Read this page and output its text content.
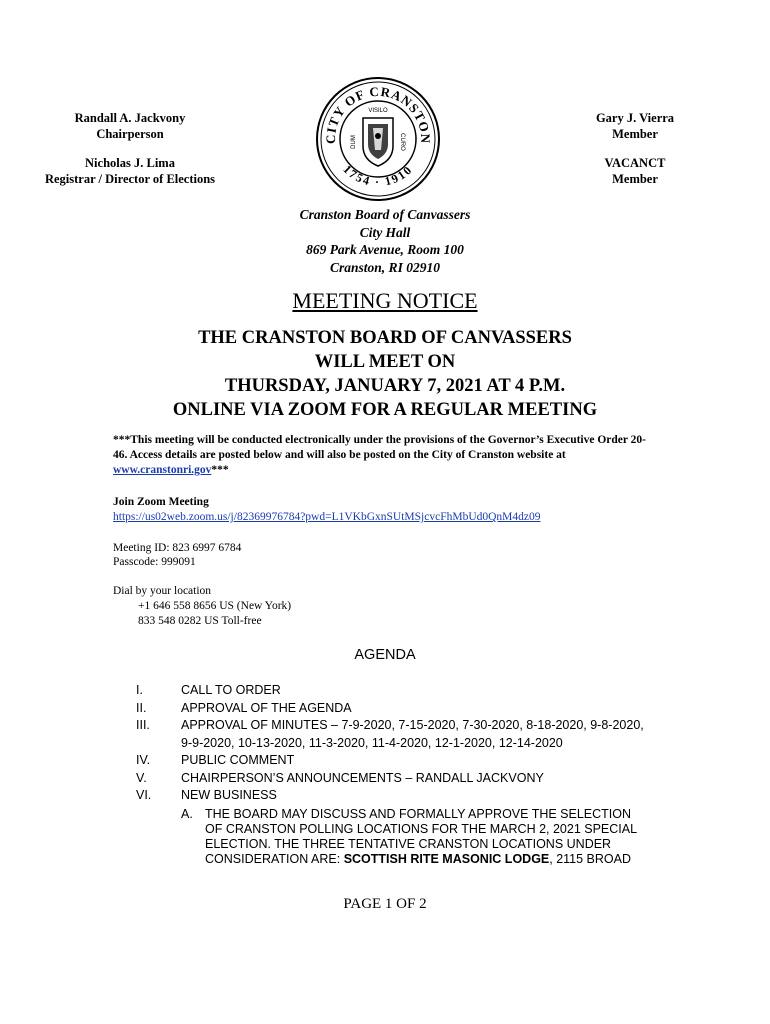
Randall A. Jackvony
Chairperson
Nicholas J. Lima
Registrar / Director of Elections
Gary J. Vierra
Member
VACANCT
Member
CITY OF CRANSTON
1754 · 1910
VISILO
DUM	CURO
Cranston Board of Canvassers
City Hall
869 Park Avenue, Room 100
Cranston, RI 02910
MEETING NOTICE
THE CRANSTON BOARD OF CANVASSERS
WILL MEET ON
THURSDAY, JANUARY 7, 2021 AT 4 P.M.
ONLINE VIA ZOOM FOR A REGULAR MEETING
***This meeting will be conducted electronically under the provisions of the Governor’s Executive Order 20-46. Access details are posted below and will also be posted on the City of Cranston website at www.cranstonri.gov***
Join Zoom Meeting
https://us02web.zoom.us/j/82369976784?pwd=L1VKbGxnSUtMSjcvcFhMbUd0QnM4dz09
Meeting ID: 823 6997 6784
Passcode: 999091
Dial by your location
+1 646 558 8656 US (New York)
833 548 0282 US Toll-free
AGENDA
I.	CALL TO ORDER
II.	APPROVAL OF THE AGENDA
III.	APPROVAL OF MINUTES – 7-9-2020, 7-15-2020, 7-30-2020, 8-18-2020, 9-8-2020,
9-9-2020, 10-13-2020, 11-3-2020, 11-4-2020, 12-1-2020, 12-14-2020
IV.	PUBLIC COMMENT
V.	CHAIRPERSON’S ANNOUNCEMENTS – RANDALL JACKVONY
VI.	NEW BUSINESS
A. THE BOARD MAY DISCUSS AND FORMALLY APPROVE THE SELECTION
OF CRANSTON POLLING LOCATIONS FOR THE MARCH 2, 2021 SPECIAL
ELECTION. THE THREE TENTATIVE CRANSTON LOCATIONS UNDER
CONSIDERATION ARE: SCOTTISH RITE MASONIC LODGE, 2115 BROAD
PAGE 1 OF 2
